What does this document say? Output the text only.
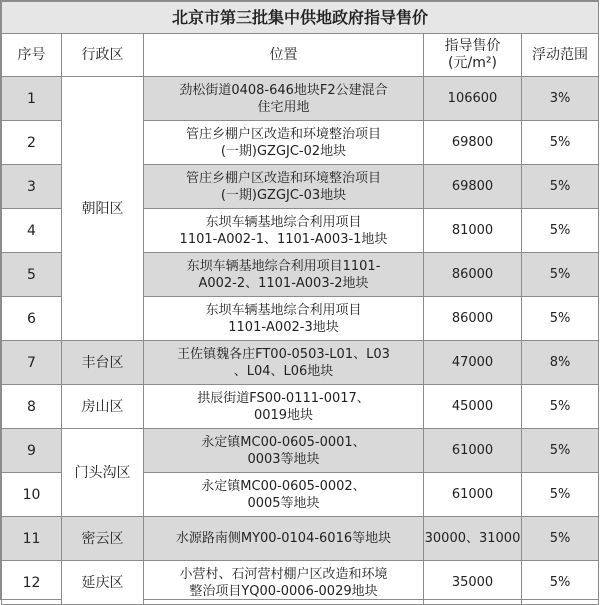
北京市第三批集中供地政府指导售价				
序号	行政区	位置	指导售价
(元/m²)	浮动范围
1	朝阳区	劲松街道0408-646地块F2公建混合
住宅用地	106600	3%
2		管庄乡棚户区改造和环境整治项目
(一期)GZGJC-02地块	69800	5%
3		管庄乡棚户区改造和环境整治项目
(一期)GZGJC-03地块	69800	5%
4		东坝车辆基地综合利用项目
1101-A002-1、1101-A003-1地块	81000	5%
5		东坝车辆基地综合利用项目1101-
A002-2、1101-A003-2地块	86000	5%
6		东坝车辆基地综合利用项目
1101-A002-3地块	86000	5%
7	丰台区	王佐镇魏各庄FT00-0503-L01、L03
、L04、L06地块	47000	8%
8	房山区	拱辰街道FS00-0111-0017、
0019地块	45000	5%
9	门头沟区	永定镇MC00-0605-0001、
0003等地块	61000	5%
10		永定镇MC00-0605-0002、
0005等地块	61000	5%
11	密云区	水源路南侧MY00-0104-6016等地块	30000、31000	5%
12	延庆区	小营村、石河营村棚户区改造和环境
整治项目YQ00-0006-0029地块	35000	5%
